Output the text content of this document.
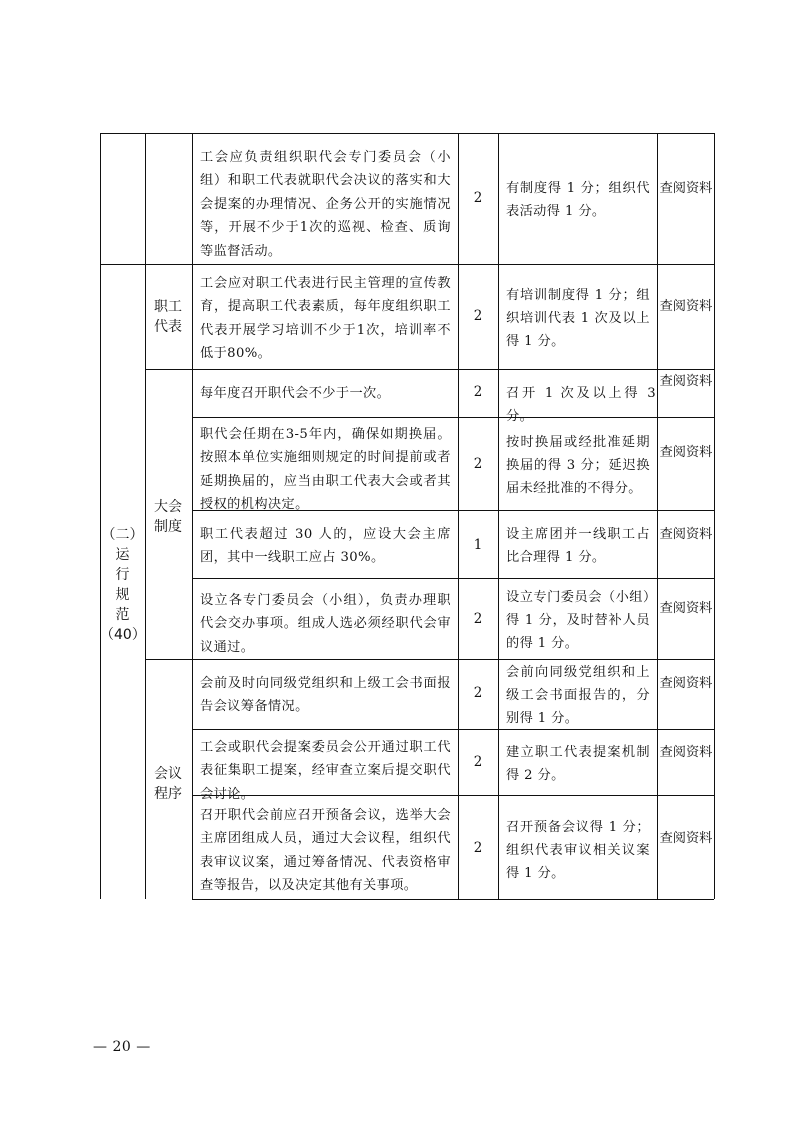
（二）
运
行
规
范
（40）
职工
代表
大会
制度
会议
程序
工会应负责组织职代会专门委员会（小组）和职工代表就职代会决议的落实和大会提案的办理情况、企务公开的实施情况等，开展不少于1次的巡视、检查、质询等监督活动。
2
有制度得 1 分；组织代表活动得 1 分。
查阅资料
工会应对职工代表进行民主管理的宣传教育，提高职工代表素质，每年度组织职工代表开展学习培训不少于1次，培训率不低于80%。
2
有培训制度得 1 分；组织培训代表 1 次及以上得 1 分。
查阅资料
每年度召开职代会不少于一次。	2	召开 1 次及以上得 3 分。
查阅资料
职代会任期在3-5年内，确保如期换届。按照本单位实施细则规定的时间提前或者延期换届的，应当由职工代表大会或者其授权的机构决定。
2
按时换届或经批准延期换届的得 3 分；延迟换届未经批准的不得分。
查阅资料
职工代表超过 30 人的，应设大会主席团，其中一线职工应占 30%。
1
设主席团并一线职工占比合理得 1 分。
查阅资料
设立各专门委员会（小组），负责办理职代会交办事项。组成人选必须经职代会审议通过。
2
设立专门委员会（小组）得 1 分，及时替补人员的得 1 分。
查阅资料
会前及时向同级党组织和上级工会书面报告会议筹备情况。
2
会前向同级党组织和上级工会书面报告的，分别得 1 分。
查阅资料
工会或职代会提案委员会公开通过职工代表征集职工提案，经审查立案后提交职代会讨论。
2
建立职工代表提案机制得 2 分。
查阅资料
召开职代会前应召开预备会议，选举大会主席团组成人员，通过大会议程，组织代表审议议案，通过筹备情况、代表资格审查等报告，以及决定其他有关事项。
2
召开预备会议得 1 分；组织代表审议相关议案得 1 分。
查阅资料
— 20 —
